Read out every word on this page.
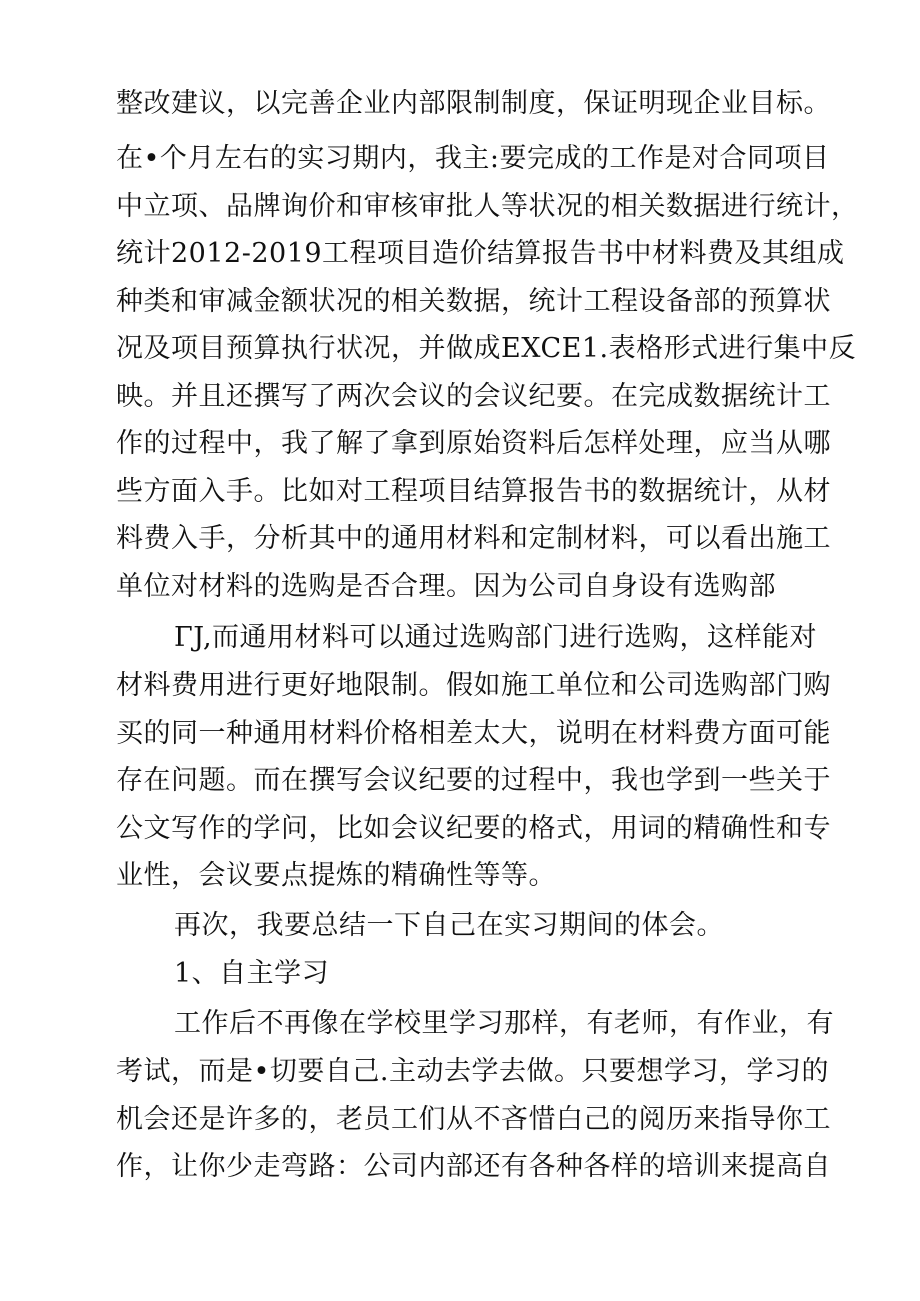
整改建议，以完善企业内部限制制度，保证明现企业目标。

在•个月左右的实习期内，我主:要完成的工作是对合同项目

中立项、品牌询价和审核审批人等状况的相关数据进行统计，

统计2012-2019工程项目造价结算报告书中材料费及其组成

种类和审减金额状况的相关数据，统计工程设备部的预算状

况及项目预算执行状况，并做成EXCE1.表格形式进行集中反

映。并且还撰写了两次会议的会议纪要。在完成数据统计工

作的过程中，我了解了拿到原始资料后怎样处理，应当从哪

些方面入手。比如对工程项目结算报告书的数据统计，从材

料费入手，分析其中的通用材料和定制材料，可以看出施工

单位对材料的选购是否合理。因为公司自身设有选购部

ΓJ,而通用材料可以通过选购部门进行选购，这样能对

材料费用进行更好地限制。假如施工单位和公司选购部门购

买的同一种通用材料价格相差太大，说明在材料费方面可能

存在问题。而在撰写会议纪要的过程中，我也学到一些关于

公文写作的学问，比如会议纪要的格式，用词的精确性和专

业性，会议要点提炼的精确性等等。

再次，我要总结一下自己在实习期间的体会。

1、自主学习

工作后不再像在学校里学习那样，有老师，有作业，有

考试，而是•切要自己.主动去学去做。只要想学习，学习的

机会还是许多的，老员工们从不吝惜白己的阅历来指导你工

作，让你少走弯路：公司内部还有各种各样的培训来提高自
